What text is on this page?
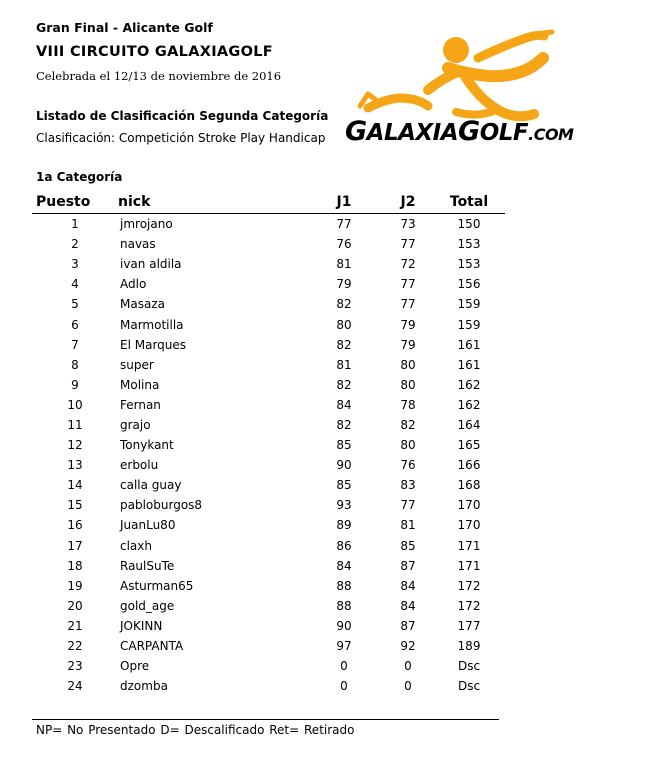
Gran Final - Alicante Golf
VIII CIRCUITO GALAXIAGOLF
Celebrada el 12/13 de noviembre de 2016
Listado de Clasificación Segunda Categoría
Clasificación: Competición Stroke Play Handicap
1a Categoría
GALAXIAGOLF.COM
Puesto	nick	J1		J2	Total
1	jmrojano	77		73	150
2	navas	76		77	153
3	ivan aldila	81		72	153
4	Adlo	79		77	156
5	Masaza	82		77	159
6	Marmotilla	80		79	159
7	El Marques	82		79	161
8	super	81		80	161
9	Molina	82		80	162
10	Fernan	84		78	162
11	grajo	82		82	164
12	Tonykant	85		80	165
13	erbolu	90		76	166
14	calla guay	85		83	168
15	pabloburgos8	93		77	170
16	JuanLu80	89		81	170
17	claxh	86		85	171
18	RaulSuTe	84		87	171
19	Asturman65	88		84	172
20	gold_age	88		84	172
21	JOKINN	90		87	177
22	CARPANTA	97		92	189
23	Opre	0		0	Dsc
24	dzomba	0		0	Dsc
NP= No Presentado D= Descalificado Ret= Retirado
